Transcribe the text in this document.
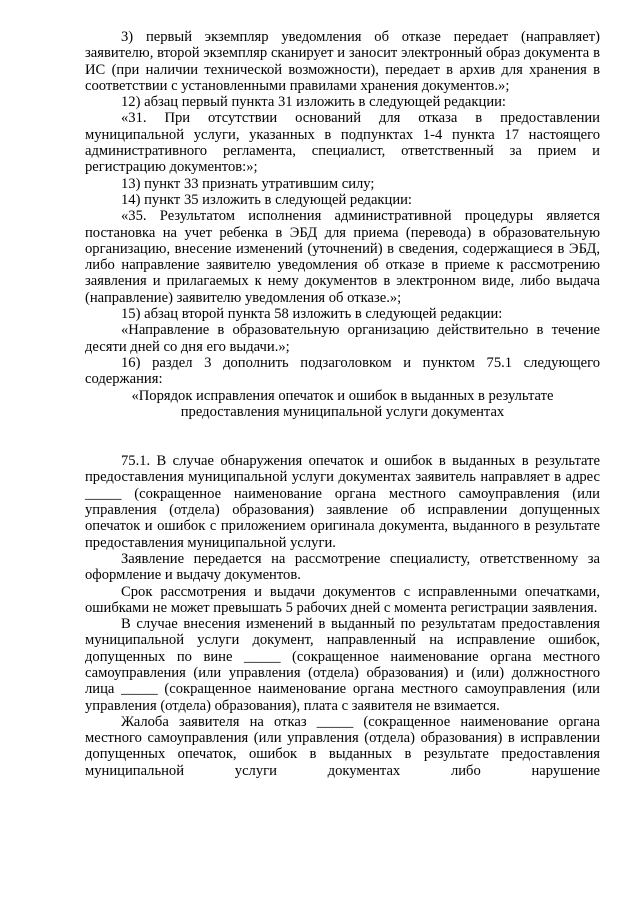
3) первый экземпляр уведомления об отказе передает (направляет) заявителю, второй экземпляр сканирует и заносит электронный образ документа в ИС (при наличии технической возможности), передает в архив для хранения в соответствии с установленными правилами хранения документов.»;

12) абзац первый пункта 31 изложить в следующей редакции:

«31. При отсутствии оснований для отказа в предоставлении муниципальной услуги, указанных в подпунктах 1-4 пункта 17 настоящего административного регламента, специалист, ответственный за прием и регистрацию документов:»;

13) пункт 33 признать утратившим силу;

14) пункт 35 изложить в следующей редакции:

«35. Результатом исполнения административной процедуры является постановка на учет ребенка в ЭБД для приема (перевода) в образовательную организацию, внесение изменений (уточнений) в сведения, содержащиеся в ЭБД, либо направление заявителю уведомления об отказе в приеме к рассмотрению заявления и прилагаемых к нему документов в электронном виде, либо выдача (направление) заявителю уведомления об отказе.»;

15) абзац второй пункта 58 изложить в следующей редакции:

«Направление в образовательную организацию действительно в течение десяти дней со дня его выдачи.»;

16) раздел 3 дополнить подзаголовком и пунктом 75.1 следующего содержания:

«Порядок исправления опечаток и ошибок в выданных в результате предоставления муниципальной услуги документах

75.1. В случае обнаружения опечаток и ошибок в выданных в результате предоставления муниципальной услуги документах заявитель направляет в адрес _____ (сокращенное наименование органа местного самоуправления (или управления (отдела) образования) заявление об исправлении допущенных опечаток и ошибок с приложением оригинала документа, выданного в результате предоставления муниципальной услуги.

Заявление передается на рассмотрение специалисту, ответственному за оформление и выдачу документов.

Срок рассмотрения и выдачи документов с исправленными опечатками, ошибками не может превышать 5 рабочих дней с момента регистрации заявления.

В случае внесения изменений в выданный по результатам предоставления муниципальной услуги документ, направленный на исправление ошибок, допущенных по вине _____ (сокращенное наименование органа местного самоуправления (или управления (отдела) образования) и (или) должностного лица _____ (сокращенное наименование органа местного самоуправления (или управления (отдела) образования), плата с заявителя не взимается.

Жалоба заявителя на отказ _____ (сокращенное наименование органа местного самоуправления (или управления (отдела) образования) в исправлении допущенных опечаток, ошибок в выданных в результате предоставления муниципальной услуги документах либо нарушение
